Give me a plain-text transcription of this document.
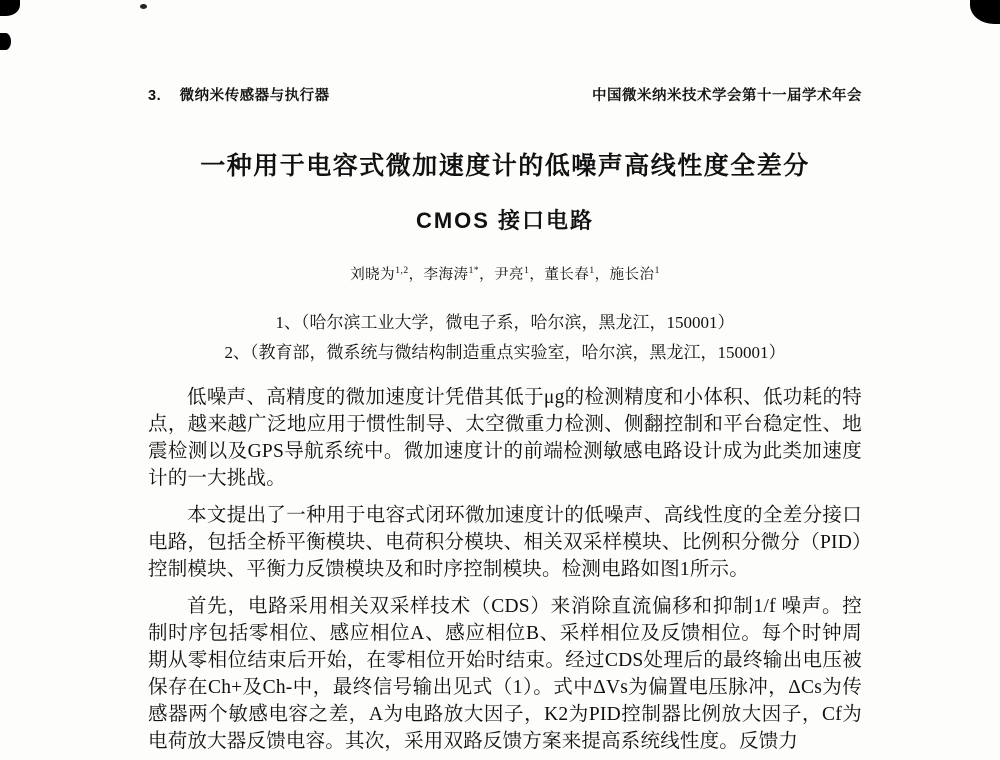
3. 微纳米传感器与执行器	中国微米纳米技术学会第十一届学术年会
一种用于电容式微加速度计的低噪声高线性度全差分
CMOS 接口电路
刘晓为$^{1,2}$，李海涛$^{1*}$，尹亮$^1$，董长春$^1$，施长治$^1$
1、（哈尔滨工业大学，微电子系，哈尔滨，黑龙江，150001）
2、（教育部，微系统与微结构制造重点实验室，哈尔滨，黑龙江，150001）

低噪声、高精度的微加速度计凭借其低于μg的检测精度和小体积、低功耗的特点，越来越广泛地应用于惯性制导、太空微重力检测、侧翻控制和平台稳定性、地震检测以及GPS导航系统中。微加速度计的前端检测敏感电路设计成为此类加速度计的一大挑战。

本文提出了一种用于电容式闭环微加速度计的低噪声、高线性度的全差分接口电路，包括全桥平衡模块、电荷积分模块、相关双采样模块、比例积分微分（PID）控制模块、平衡力反馈模块及和时序控制模块。检测电路如图1所示。

首先，电路采用相关双采样技术（CDS）来消除直流偏移和抑制1/f 噪声。控制时序包括零相位、感应相位A、感应相位B、采样相位及反馈相位。每个时钟周期从零相位结束后开始，在零相位开始时结束。经过CDS处理后的最终输出电压被保存在Ch+及Ch-中，最终信号输出见式（1）。式中ΔVs为偏置电压脉冲，ΔCs为传感器两个敏感电容之差，A为电路放大因子，K2为PID控制器比例放大因子，Cf为电荷放大器反馈电容。其次，采用双路反馈方案来提高系统线性度。反馈力
